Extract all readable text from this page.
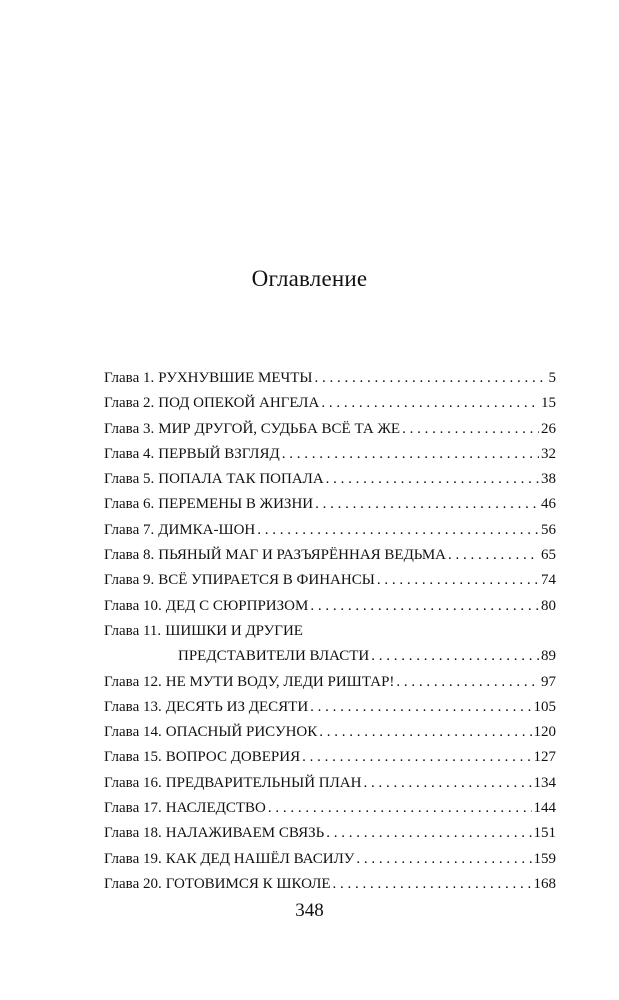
Оглавление
Глава 1. РУХНУВШИЕ МЕЧТЫ . . .	5
Глава 2. ПОД ОПЕКОЙ АНГЕЛА . . .	15
Глава 3. МИР ДРУГОЙ, СУДЬБА ВСЁ ТА ЖЕ . . .	26
Глава 4. ПЕРВЫЙ ВЗГЛЯД . . .	32
Глава 5. ПОПАЛА ТАК ПОПАЛА . . .	38
Глава 6. ПЕРЕМЕНЫ В ЖИЗНИ . . .	46
Глава 7. ДИМКА-ШОН . . .	56
Глава 8. ПЬЯНЫЙ МАГ И РАЗЪЯРЁННАЯ ВЕДЬМА . . .	65
Глава 9. ВСЁ УПИРАЕТСЯ В ФИНАНСЫ . . .	74
Глава 10. ДЕД С СЮРПРИЗОМ . . .	80
Глава 11. ШИШКИ И ДРУГИЕ
ПРЕДСТАВИТЕЛИ ВЛАСТИ . . .	89
Глава 12. НЕ МУТИ ВОДУ, ЛЕДИ РИШТАР! . . .	97
Глава 13. ДЕСЯТЬ ИЗ ДЕСЯТИ . . .	105
Глава 14. ОПАСНЫЙ РИСУНОК . . .	120
Глава 15. ВОПРОС ДОВЕРИЯ . . .	127
Глава 16. ПРЕДВАРИТЕЛЬНЫЙ ПЛАН . . .	134
Глава 17. НАСЛЕДСТВО . . .	144
Глава 18. НАЛАЖИВАЕМ СВЯЗЬ . . .	151
Глава 19. КАК ДЕД НАШЁЛ ВАСИЛУ . . .	159
Глава 20. ГОТОВИМСЯ К ШКОЛЕ . . .	168
348
